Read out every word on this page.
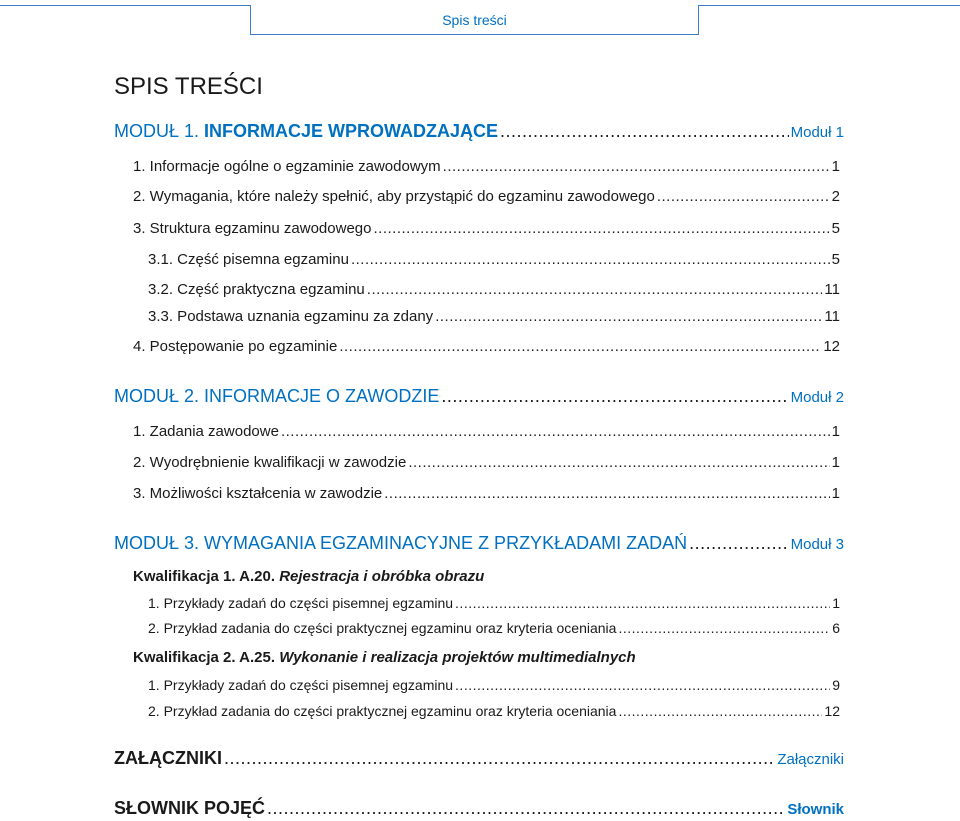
Spis treści
SPIS TREŚCI
MODUŁ 1. INFORMACJE WPROWADZAJĄCE .....	Moduł 1
1. Informacje ogólne o egzaminie zawodowym .....	1
2. Wymagania, które należy spełnić, aby przystąpić do egzaminu zawodowego .....	2
3. Struktura egzaminu zawodowego .....	5
3.1. Część pisemna egzaminu .....	5
3.2. Część praktyczna egzaminu .....	11
3.3. Podstawa uznania egzaminu za zdany .....	11
4. Postępowanie po egzaminie .....	12
MODUŁ 2. INFORMACJE O ZAWODZIE .....	Moduł 2
1. Zadania zawodowe .....	1
2. Wyodrębnienie kwalifikacji w zawodzie .....	1
3. Możliwości kształcenia w zawodzie .....	1
MODUŁ 3. WYMAGANIA EGZAMINACYJNE Z PRZYKŁADAMI ZADAŃ .....	Moduł 3
Kwalifikacja 1. A.20. Rejestracja i obróbka obrazu
1. Przykłady zadań do części pisemnej egzaminu .....	1
2. Przykład zadania do części praktycznej egzaminu oraz kryteria oceniania .....	6
Kwalifikacja 2. A.25. Wykonanie i realizacja projektów multimedialnych
1. Przykłady zadań do części pisemnej egzaminu .....	9
2. Przykład zadania do części praktycznej egzaminu oraz kryteria oceniania .....	12
ZAŁĄCZNIKI .....	Załączniki
SŁOWNIK POJĘĆ .....	Słownik
